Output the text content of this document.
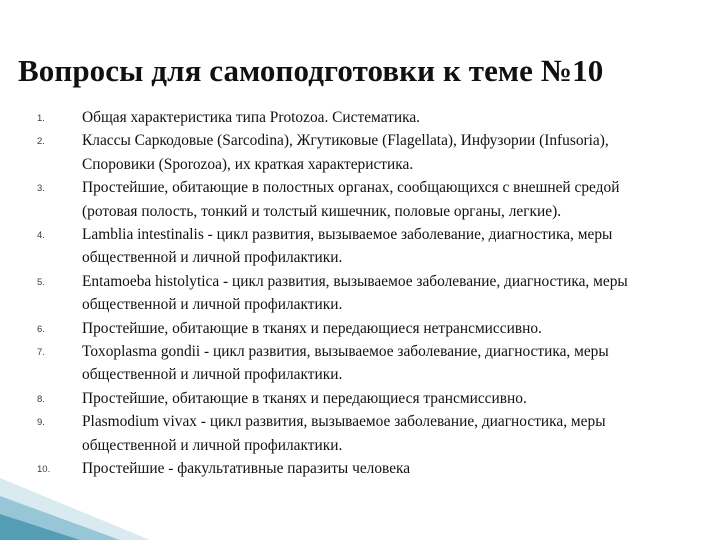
Вопросы для самоподготовки к теме №10
1. Общая характеристика типа Protozoa. Систематика.
2. Классы Саркодовые (Sarcodina), Жгутиковые (Flagellata), Инфузории (Infusoria), Споровики (Sporozoa), их краткая характеристика.
3. Простейшие, обитающие в полостных органах, сообщающихся с внешней средой (ротовая полость, тонкий и толстый кишечник, половые органы, легкие).
4. Lamblia intestinalis - цикл развития, вызываемое заболевание, диагностика, меры общественной и личной профилактики.
5. Entamoeba histolytica - цикл развития, вызываемое заболевание, диагностика, меры общественной и личной профилактики.
6. Простейшие, обитающие в тканях и передающиеся нетрансмиссивно.
7. Toxoplasma gondii - цикл развития, вызываемое заболевание, диагностика, меры общественной и личной профилактики.
8. Простейшие, обитающие в тканях и передающиеся трансмиссивно.
9. Plasmodium vivax - цикл развития, вызываемое заболевание, диагностика, меры общественной и личной профилактики.
10. Простейшие - факультативные паразиты человека
